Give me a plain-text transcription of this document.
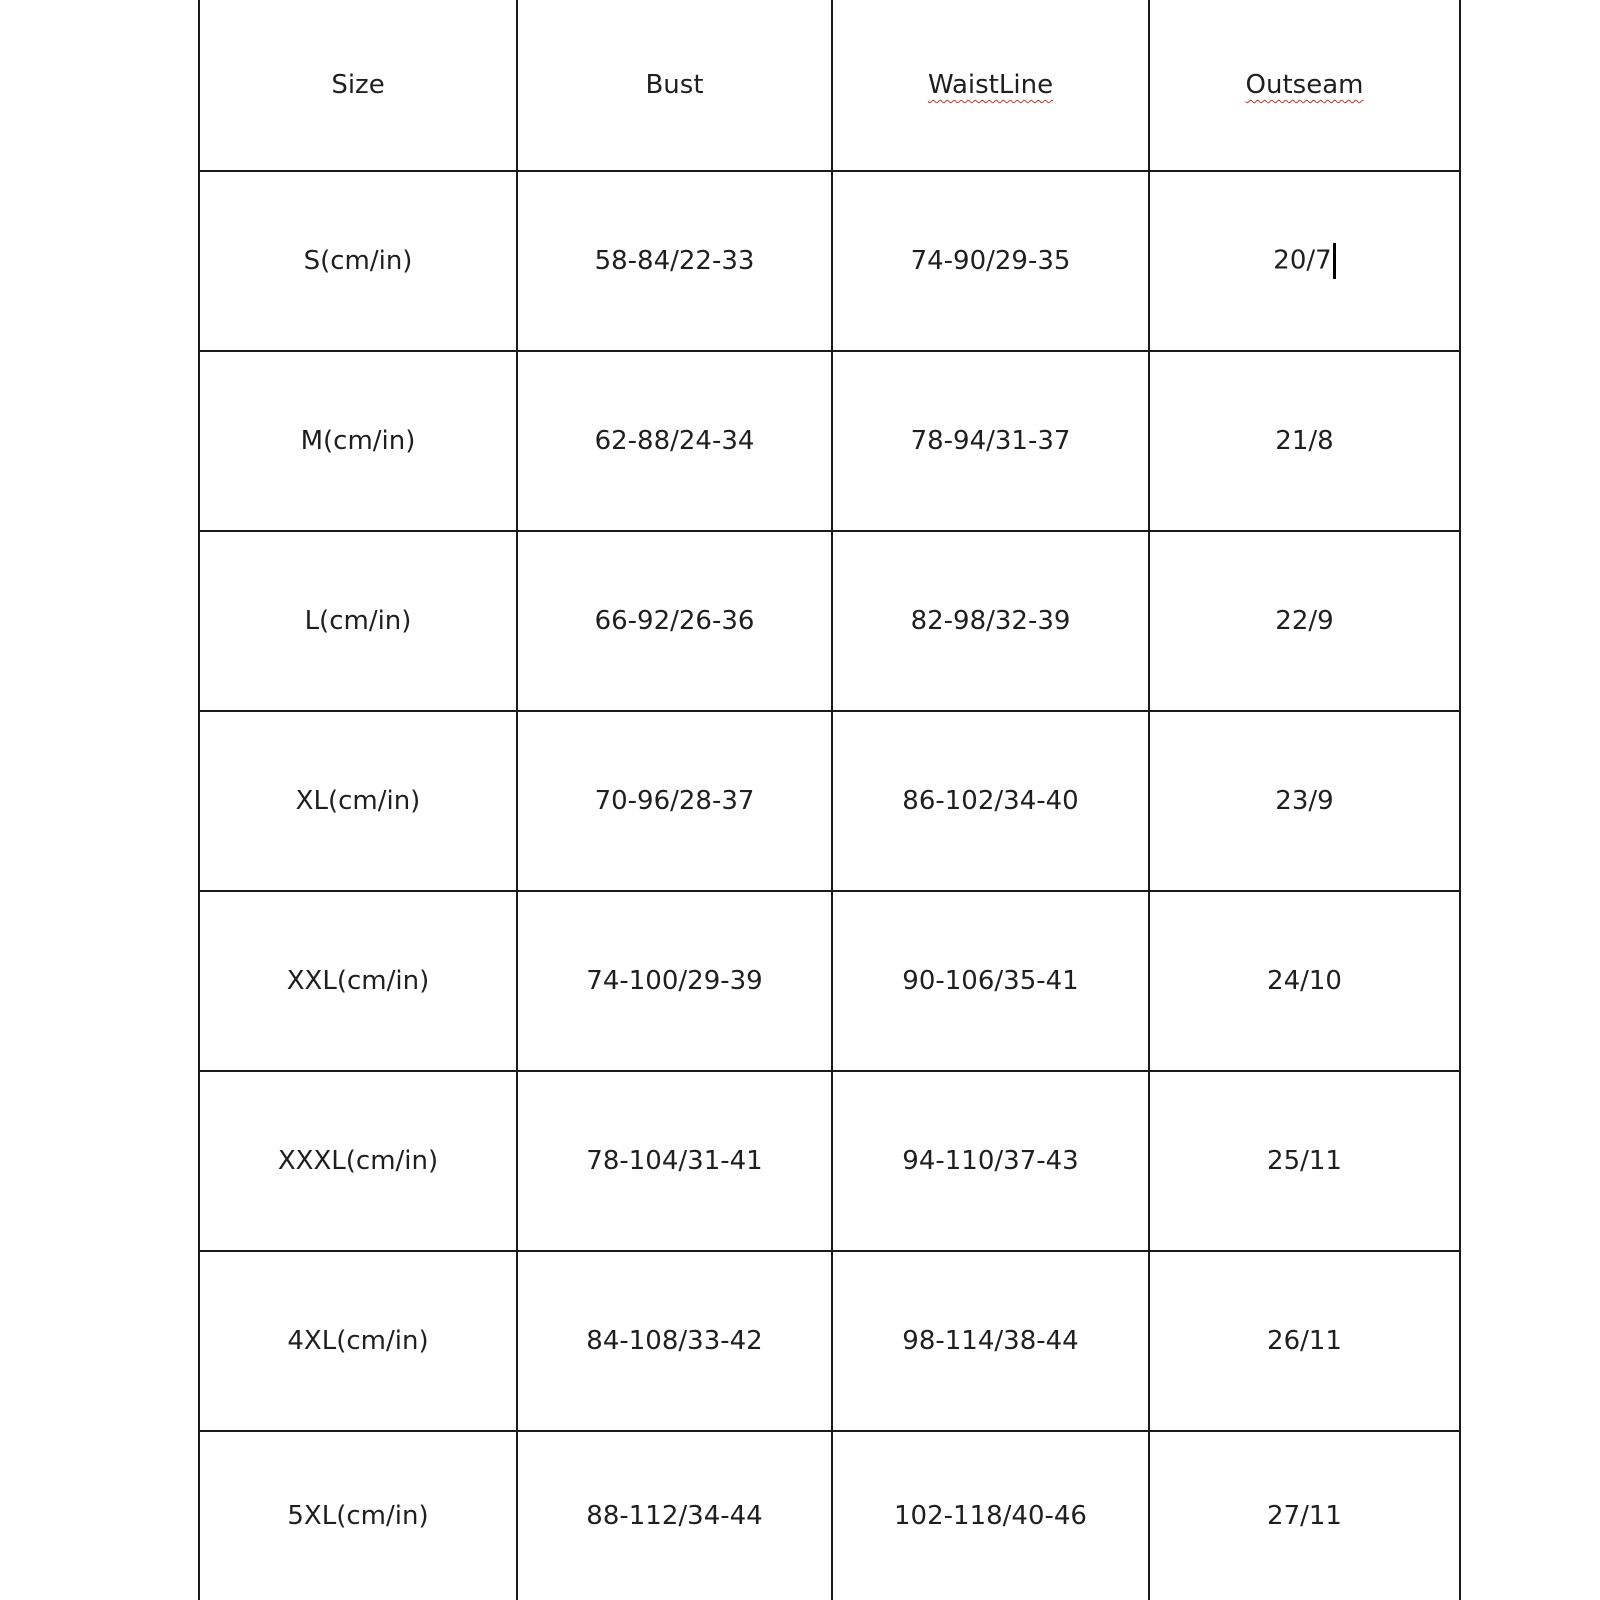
Size	Bust	WaistLine	Outseam
S(cm/in)	58-84/22-33	74-90/29-35	20/7
M(cm/in)	62-88/24-34	78-94/31-37	21/8
L(cm/in)	66-92/26-36	82-98/32-39	22/9
XL(cm/in)	70-96/28-37	86-102/34-40	23/9
XXL(cm/in)	74-100/29-39	90-106/35-41	24/10
XXXL(cm/in)	78-104/31-41	94-110/37-43	25/11
4XL(cm/in)	84-108/33-42	98-114/38-44	26/11
5XL(cm/in)	88-112/34-44	102-118/40-46	27/11
